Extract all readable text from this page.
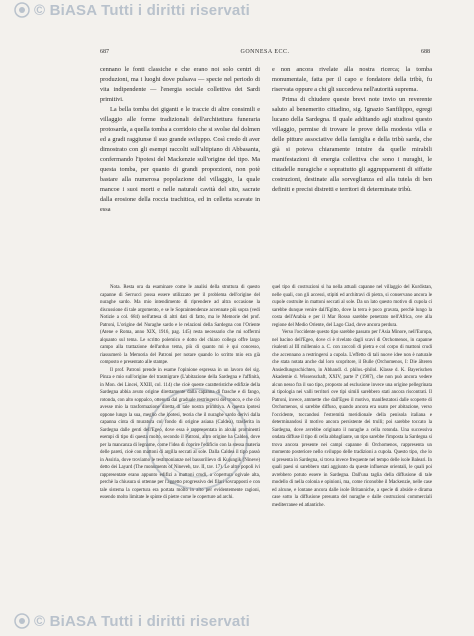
© BiASA Tutti i diritti riservati
687	GONNESA ECC.	688

cennano le fonti classiche e che erano noi solo centri di produzioni, ma i luoghi dove pulsava — specie nel periodo di vita indipendente — l'energia sociale collettiva dei Sardi primitivi.

La bella tomba dei giganti e le traccie di altre consimili e villaggio alle forme tradizionali dell'architettura funeraria protosarda, a quella tomba a corridoio che si svolse dal dolmen ed a gradi raggiunse il suo grande sviluppo. Così credo di aver dimostrato con gli esempi raccolti sull'altipiano di Abbasanta, confermando l'ipotesi del Mackenzie sull'origine del tipo. Ma questa tomba, per quanto di grandi proporzioni, non potè bastare alla numerosa popolazione del villaggio, la quale mancoe i suoi morti e nelle naturali cavità del sito, sacrate dalla erosione della roccia trachitica, ed in celletta scavate in essa

e non ancora rivelate alla nostra ricerca; la tomba monumentale, fatta per il capo e fondatore della tribù, fu riservata oppure a chi gli succedeva nell'autorità suprema.

Prima di chiudere queste brevi note invio un reverente saluto al benemerito cittadino, sig. Ignazio Sanfilippo, egregi lucano della Sardegna. Il quale additando agli studiosi questo villaggio, permise di trovare le prove della modesta villa e delle pitture associative della famiglia e della tribù sarda, che già si poteva chiaramente intuire da quelle mirabili manifestazioni di energia collettiva che sono i nuraghi, le cittadelle nuragiche e soprattutto gli aggruppamenti di siffatte costruzioni, destinate alla sorveglianza ed alla tutela di ben definiti e precisi distretti e territori di determinate tribù.

Nota. Resta ora da esaminare come le analisi della struttura di questo capanne di Serrucci possa essere utilizzato per il problema dell'origine del nuraghe sardo. Ma mio intendimento di riprendere ad altra occasione la discussione di tale argomento, e se le Sopraintendenze accennate più sopra (vedi Notizie a col. 684) nell'attesa di altri dati di fatto, ma le Memorie del prof. Patroni, L'origine del Nuraghe sardo e le relazioni della Sardegna con l'Oriente (Atene e Roma, anno XIX, 1916, pag. 145) resta necessario che mi soffermi alquanto sul tema. Le scritto polemico e dotto del chiaro collega offre largo campo alla trattazione dell'arduo tema, più di quanto mi è qui concesso, riassumerò la Memoria del Patroni per notare quando lo scritto mio era già composto e presentato alle stampe.

Il prof. Patroni prende in esame l'opinione espressa in un lavoro del sig. Pinza e mio sull'origine del trasmigrare (L'abitazione della Sardegna e l'affinità, in Mon. dei Lincei, XXIII, col. 114) che cioè queste caratteristiche edifizie della Sardegna abbia avuto origine direttamente dalla capanna di frasche e di fango, rotonda, con alto soppalco, ottenuta dal graduale restringersi del tronco, e che ciò avesse mio la trasformazione diretta di tale nostra primitiva. A questa ipotesi oppone lungo la sua, meglio che ipotesi, teoria che il nuraghe sardo derivi dalla capanna cinta di muratura col fondo di origine asiana (Caldea), trasferita in Sardegna dalle genti dell'Egeo, dove essa è rappresentata in alcuni prominenti esempi di tipo di questa molto, secondo il Patroni, altro origine ha Caldea, dove per la mancanza di legname, come l'idea di coprire l'edificio con la stessa materia delle pareti, cioè con mattoni di argilla seccati al sole. Dalla Caldea il tipo passò in Assiria, dove troviamo le testimonianze nel bassorilievo di Kujungik (Nineve) detto dei Layard (The monuments of Nineveh, tav. II, tav. 17). Le altre popoli ivi rappresentate erano appunto edifizi a mattoni crudi, a copertura ogivale alta, perchè la chiusura si ottenne per l'aggetto progressivo dei filari sovrapposti e con tale sistema la copertura era portata molto in alto per evidentemente ragioni, essendo molto limitate le spinte di pietre come le coperture ad archi.

quel tipo di costruzioni si ha nella attuali capanne nel villaggio del Kurdistan, nelle quali, con gli accessi, stipiti ed architravi di pietra, si conservano ancora le cupole costruite in mattoni seccati al sole. Da un lato questo motivo di cupola ci sarebbe dunque venire dall'Egitto, dove la terra è poco gravata, perchè lungo la costa dell'Arabia e per il Mar Rosso sarebbe penetrato nell'Africa, ove alla regione del Medio Oriente, del Lago Ciad, dove ancora perdura.

Verso l'occidente questo tipo sarebbe passato per l'Asia Minore, nell'Europa, nel bacino dell'Egeo, dove ci è rivelato dagli scavi di Orchomenos, in capanne risalenti al III millennio a. C. con zoccoli di pietra e col corpo di mattoni crudi che accennano a restringersi a cupola. L'effetto di tali nuove idee non è naturale che stata notata anche dal loro scopritore, il Bulle (Orchomenos, I: Die älteren Ansiedlungsschichten, in Abhandl. d. philos.-philol. Klasse d. K. Bayerischen Akademie d. Wissenschaft, XXIV, parte Iª (1907), che non può ancora vedere alcun nesso fra il suo tipo, proposto ad esclusione invece una origine pellegrinata ai tipologia nei valli territori ove tipi simili sarebbero stati ancora riscontrati. Il Patroni, invece, ammette che dall'Egeo il motivo, manifestatosi dalle scoperte di Orchomenos, si sarebbe diffuso, quando ancora era usato per abitazione, verso l'occidente, toccandosi l'estremità meridionale della penisola italiana e determinandosi il motivo ancora persistente dei trulli; poi sarebbe toccato la Sardegna, dove avrebbe originato il nuraghe a cella rotonda. Una successiva ondata diffuse il tipo di cella abbagliante, un tipo sarebbe l'imposta la Sardegna si trova ancora presente nei campi capanne di Orchomenos, rappresenta un momento posteriore nello sviluppo delle tradizioni a cupola. Questo tipo, che lo si presenta in Sardegna, si trova invece frequente nel tempo delle isole Baleari. In quali paesi si sarebbero stati aggiunto da queste influenze orientali, le quali poi avrebbero potuto essere in Sardegna. Dall'una taglia della diffusione di tale modello di nella colonia e opinioni, ma, come riconobbe il Mackenzie, nelle case ed alcune, e lontane ancora dalle isole Britanniche, a specie di abside e dirama case sotto la diffusione presunta del nuraghe e dalle costruzioni commerciali mediterranee ed atlantiche.

© BiASA Tutti i diritti riservati
